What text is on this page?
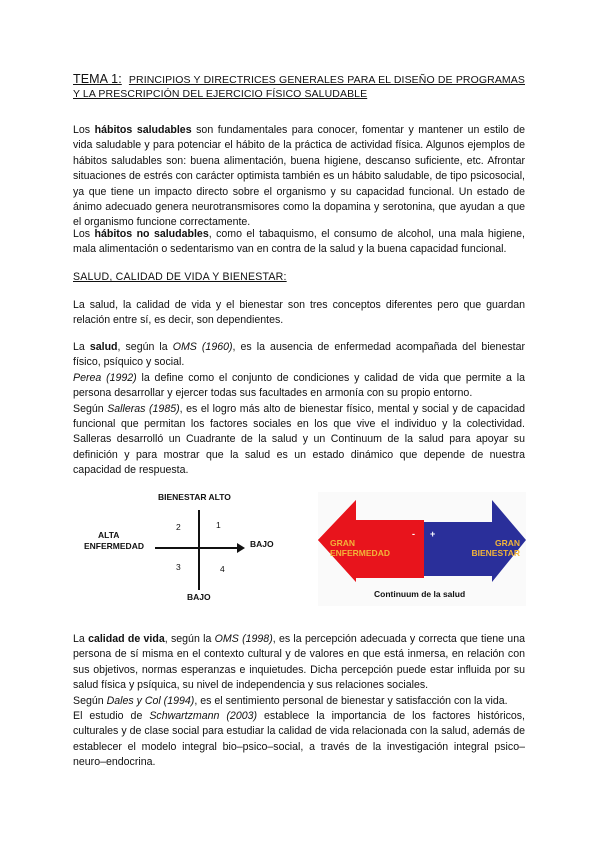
TEMA 1: PRINCIPIOS Y DIRECTRICES GENERALES PARA EL DISEÑO DE PROGRAMAS Y LA PRESCRIPCIÓN DEL EJERCICIO FÍSICO SALUDABLE

Los hábitos saludables son fundamentales para conocer, fomentar y mantener un estilo de vida saludable y para potenciar el hábito de la práctica de actividad física. Algunos ejemplos de hábitos saludables son: buena alimentación, buena higiene, descanso suficiente, etc. Afrontar situaciones de estrés con carácter optimista también es un hábito saludable, de tipo psicosocial, ya que tiene un impacto directo sobre el organismo y su capacidad funcional. Un estado de ánimo adecuado genera neurotransmisores como la dopamina y serotonina, que ayudan a que el organismo funcione correctamente.

Los hábitos no saludables, como el tabaquismo, el consumo de alcohol, una mala higiene, mala alimentación o sedentarismo van en contra de la salud y la buena capacidad funcional.

SALUD, CALIDAD DE VIDA Y BIENESTAR:

La salud, la calidad de vida y el bienestar son tres conceptos diferentes pero que guardan relación entre sí, es decir, son dependientes.

La salud, según la OMS (1960), es la ausencia de enfermedad acompañada del bienestar físico, psíquico y social.
Perea (1992) la define como el conjunto de condiciones y calidad de vida que permite a la persona desarrollar y ejercer todas sus facultades en armonía con su propio entorno.
Según Salleras (1985), es el logro más alto de bienestar físico, mental y social y de capacidad funcional que permitan los factores sociales en los que vive el individuo y la colectividad. Salleras desarrolló un Cuadrante de la salud y un Continuum de la salud para apoyar su definición y para mostrar que la salud es un estado dinámico que depende de nuestra capacidad de respuesta.

BIENESTAR ALTO
ALTA
ENFERMEDAD	BAJO
BAJO
1
2
3	4
- +
GRAN
ENFERMEDAD
GRAN
BIENESTAR
Continuum de la salud

La calidad de vida, según la OMS (1998), es la percepción adecuada y correcta que tiene una persona de sí misma en el contexto cultural y de valores en que está inmersa, en relación con sus objetivos, normas esperanzas e inquietudes. Dicha percepción puede estar influida por su salud física y psíquica, su nivel de independencia y sus relaciones sociales.
Según Dales y Col (1994), es el sentimiento personal de bienestar y satisfacción con la vida.
El estudio de Schwartzmann (2003) establece la importancia de los factores históricos, culturales y de clase social para estudiar la calidad de vida relacionada con la salud, además de establecer el modelo integral bio–psico–social, a través de la investigación integral psico–neuro–endocrina.
